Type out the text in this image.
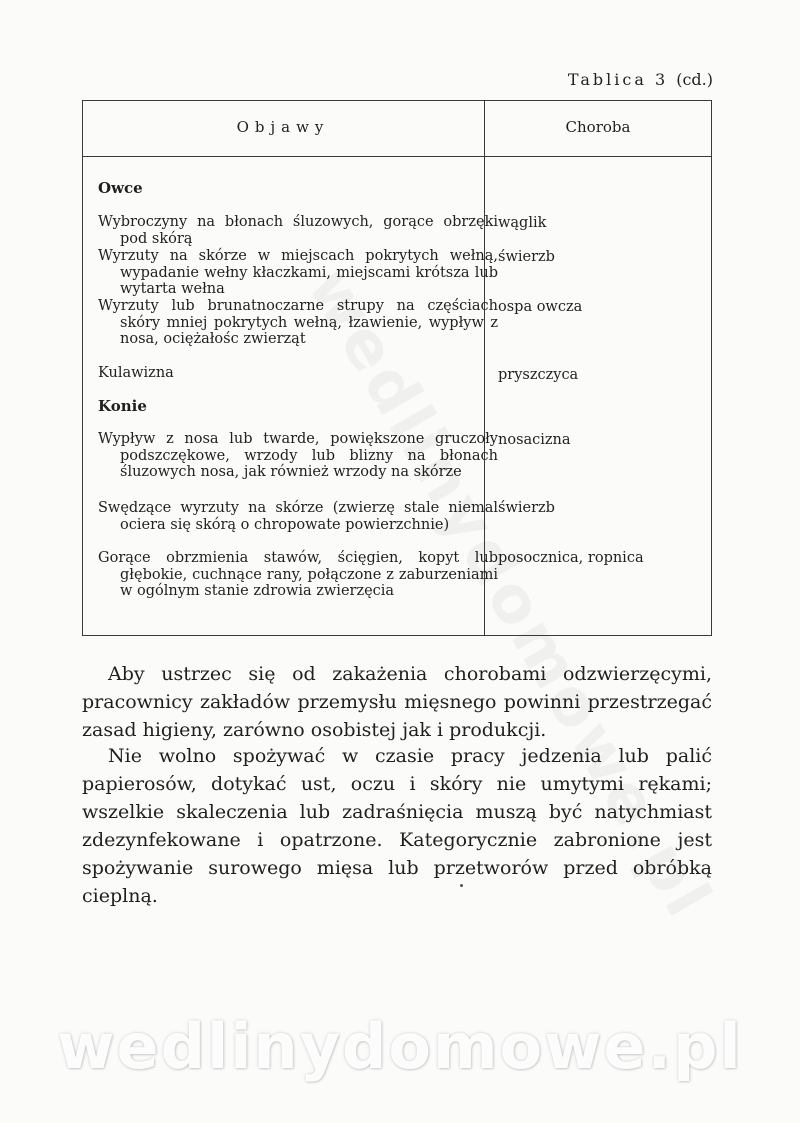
Tablica 3 (cd.)
Objawy	Choroba
Owce
Wybroczyny na błonach śluzowych, gorące obrzęki pod skórą
wąglik
Wyrzuty na skórze w miejscach pokrytych wełną, wypadanie wełny kłaczkami, miejscami krótsza lub wytarta wełna
świerzb
Wyrzuty lub brunatnoczarne strupy na częściach skóry mniej pokrytych wełną, łzawienie, wypływ z nosa, ociężałośc zwierząt
ospa owcza
Kulawizna	pryszczyca
Konie
Wypływ z nosa lub twarde, powiększone gruczoły podszczękowe, wrzody lub blizny na błonach śluzowych nosa, jak również wrzody na skórze
nosacizna
Swędzące wyrzuty na skórze (zwierzę stale niemal ociera się skórą o chropowate powierzchnie)
świerzb
Gorące obrzmienia stawów, ścięgien, kopyt lub głębokie, cuchnące rany, połączone z zaburzeniami w ogólnym stanie zdrowia zwierzęcia
posocznica, ropnica
Aby ustrzec się od zakażenia chorobami odzwierzęcymi, pracownicy zakładów przemysłu mięsnego powinni przestrzegać zasad higieny, zarówno osobistej jak i produkcji.
Nie wolno spożywać w czasie pracy jedzenia lub palić papierosów, dotykać ust, oczu i skóry nie umytymi rękami; wszelkie skaleczenia lub zadraśnięcia muszą być natychmiast zdezynfekowane i opatrzone. Kategorycznie zabronione jest spożywanie surowego mięsa lub przetworów przed obróbką cieplną.
wedlinydomowe.pl
